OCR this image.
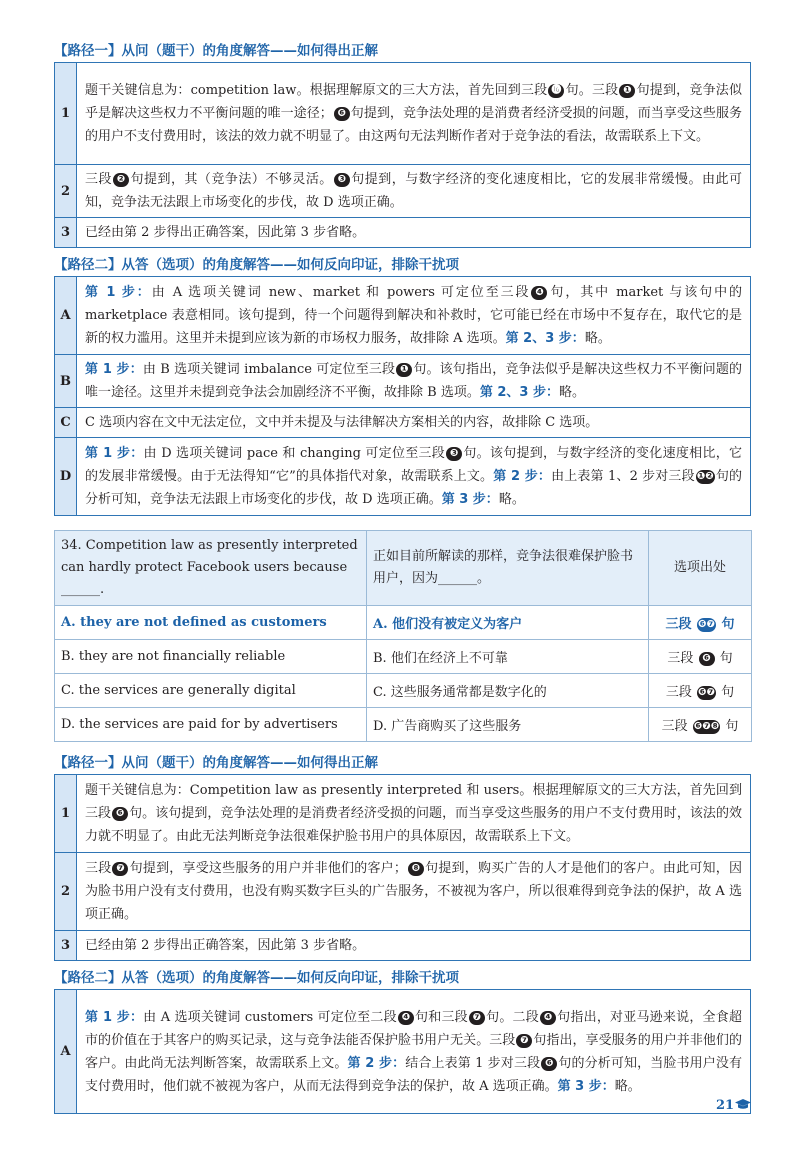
【路径一】从问（题干）的角度解答——如何得出正解
1	题干关键信息为：competition law。根据理解原文的三大方法，首先回到三段 ⓰ 句。三段 ❶ 句提到，竞争法似乎是解决这些权力不平衡问题的唯一途径； ❻ 句提到，竞争法处理的是消费者经济受损的问题，而当享受这些服务的用户不支付费用时，该法的效力就不明显了。由这两句无法判断作者对于竞争法的看法，故需联系上下文。
2	三段 ❷ 句提到，其（竞争法）不够灵活。 ❸ 句提到，与数字经济的变化速度相比，它的发展非常缓慢。由此可知，竞争法无法跟上市场变化的步伐，故 D 选项正确。
3	已经由第 2 步得出正确答案，因此第 3 步省略。
【路径二】从答（选项）的角度解答——如何反向印证，排除干扰项
A	第 1 步：由 A 选项关键词 new、market 和 powers 可定位至三段 ❹ 句，其中 market 与该句中的 marketplace 表意相同。该句提到，待一个问题得到解决和补救时，它可能已经在市场中不复存在，取代它的是新的权力滥用。这里并未提到应该为新的市场权力服务，故排除 A 选项。第 2、3 步：略。
B	第 1 步：由 B 选项关键词 imbalance 可定位至三段 ❶ 句。该句指出，竞争法似乎是解决这些权力不平衡问题的唯一途径。这里并未提到竞争法会加剧经济不平衡，故排除 B 选项。第 2、3 步：略。
C	C 选项内容在文中无法定位，文中并未提及与法律解决方案相关的内容，故排除 C 选项。
D	第 1 步：由 D 选项关键词 pace 和 changing 可定位至三段 ❸ 句。该句提到，与数字经济的变化速度相比，它的发展非常缓慢。由于无法得知“它”的具体指代对象，故需联系上文。第 2 步：由上表第 1、2 步对三段 ❶❷ 句的分析可知，竞争法无法跟上市场变化的步伐，故 D 选项正确。第 3 步：略。
34. Competition law as presently interpreted can hardly protect Facebook users because ______.	正如目前所解读的那样，竞争法很难保护脸书用户，因为______。	选项出处
A. they are not defined as customers	A. 他们没有被定义为客户	三段 ❻❼ 句
B. they are not financially reliable	B. 他们在经济上不可靠	三段 ❻ 句
C. the services are generally digital	C. 这些服务通常都是数字化的	三段 ❻❼ 句
D. the services are paid for by advertisers	D. 广告商购买了这些服务	三段 ❻❼❽ 句
【路径一】从问（题干）的角度解答——如何得出正解
1	题干关键信息为：Competition law as presently interpreted 和 users。根据理解原文的三大方法，首先回到三段 ❻ 句。该句提到，竞争法处理的是消费者经济受损的问题，而当享受这些服务的用户不支付费用时，该法的效力就不明显了。由此无法判断竞争法很难保护脸书用户的具体原因，故需联系上下文。
2	三段 ❼ 句提到，享受这些服务的用户并非他们的客户； ❽ 句提到，购买广告的人才是他们的客户。由此可知，因为脸书用户没有支付费用，也没有购买数字巨头的广告服务，不被视为客户，所以很难得到竞争法的保护，故 A 选项正确。
3	已经由第 2 步得出正确答案，因此第 3 步省略。
【路径二】从答（选项）的角度解答——如何反向印证，排除干扰项
A	第 1 步：由 A 选项关键词 customers 可定位至二段 ❹ 句和三段 ❼ 句。二段 ❹ 句指出，对亚马逊来说，全食超市的价值在于其客户的购买记录，这与竞争法能否保护脸书用户无关。三段 ❼ 句指出，享受服务的用户并非他们的客户。由此尚无法判断答案，故需联系上文。第 2 步：结合上表第 1 步对三段 ❻ 句的分析可知，当脸书用户没有支付费用时，他们就不被视为客户，从而无法得到竞争法的保护，故 A 选项正确。第 3 步：略。
21
